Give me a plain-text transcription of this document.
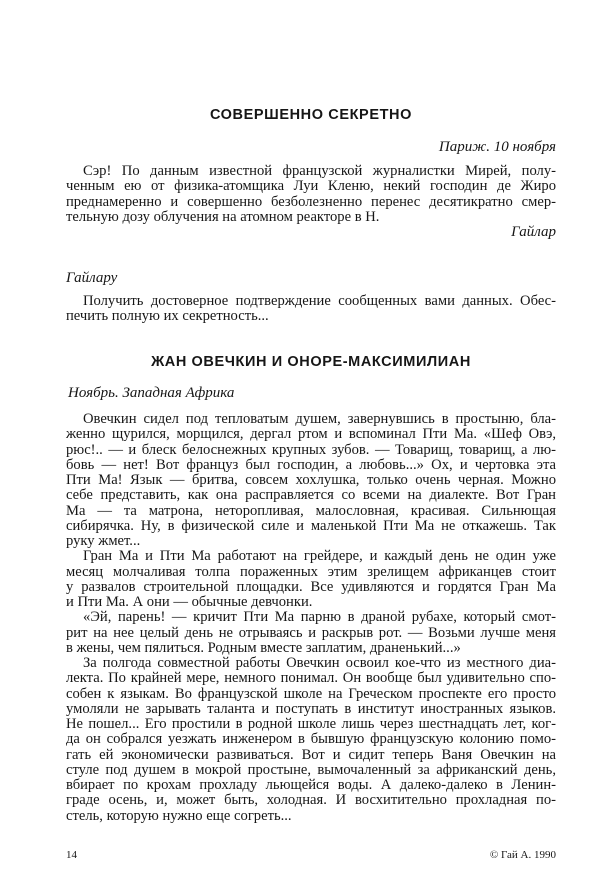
СОВЕРШЕННО СЕКРЕТНО
Париж. 10 ноября
Сэр! По данным известной французской журналистки Мирей, полу-
ченным ею от физика-атомщика Луи Кленю, некий господин де Жиро
преднамеренно и совершенно безболезненно перенес десятикратно смер-
тельную дозу облучения на атомном реакторе в Н.
Гайлар
Гайлару
Получить достоверное подтверждение сообщенных вами данных. Обес-
печить полную их секретность...
ЖАН ОВЕЧКИН И ОНОРЕ-МАКСИМИЛИАН
Ноябрь. Западная Африка
Овечкин сидел под тепловатым душем, завернувшись в простыню, бла-
женно щурился, морщился, дергал ртом и вспоминал Пти Ма. «Шеф Овэ,
рюс!.. — и блеск белоснежных крупных зубов. — Товарищ, товарищ, а лю-
бовь — нет! Вот француз был господин, а любовь...» Ох, и чертовка эта
Пти Ма! Язык — бритва, совсем хохлушка, только очень черная. Можно
себе представить, как она расправляется со всеми на диалекте. Вот Гран
Ма — та матрона, неторопливая, малословная, красивая. Сильнющая
сибирячка. Ну, в физической силе и маленькой Пти Ма не откажешь. Так
руку жмет...
Гран Ма и Пти Ма работают на грейдере, и каждый день не один уже
месяц молчаливая толпа пораженных этим зрелищем африканцев стоит
у развалов строительной площадки. Все удивляются и гордятся Гран Ма
и Пти Ма. А они — обычные девчонки.
«Эй, парень! — кричит Пти Ма парню в драной рубахе, который смот-
рит на нее целый день не отрываясь и раскрыв рот. — Возьми лучше меня
в жены, чем пялиться. Родным вместе заплатим, драненький...»
За полгода совместной работы Овечкин освоил кое-что из местного диа-
лекта. По крайней мере, немного понимал. Он вообще был удивительно спо-
собен к языкам. Во французской школе на Греческом проспекте его просто
умоляли не зарывать таланта и поступать в институт иностранных языков.
Не пошел... Его простили в родной школе лишь через шестнадцать лет, ког-
да он собрался уезжать инженером в бывшую французскую колонию помо-
гать ей экономически развиваться. Вот и сидит теперь Ваня Овечкин на
стуле под душем в мокрой простыне, вымочаленный за африканский день,
вбирает по крохам прохладу льющейся воды. А далеко-далеко в Ленин-
граде осень, и, может быть, холодная. И восхитительно прохладная по-
стель, которую нужно еще согреть...
14	© Гай А. 1990
